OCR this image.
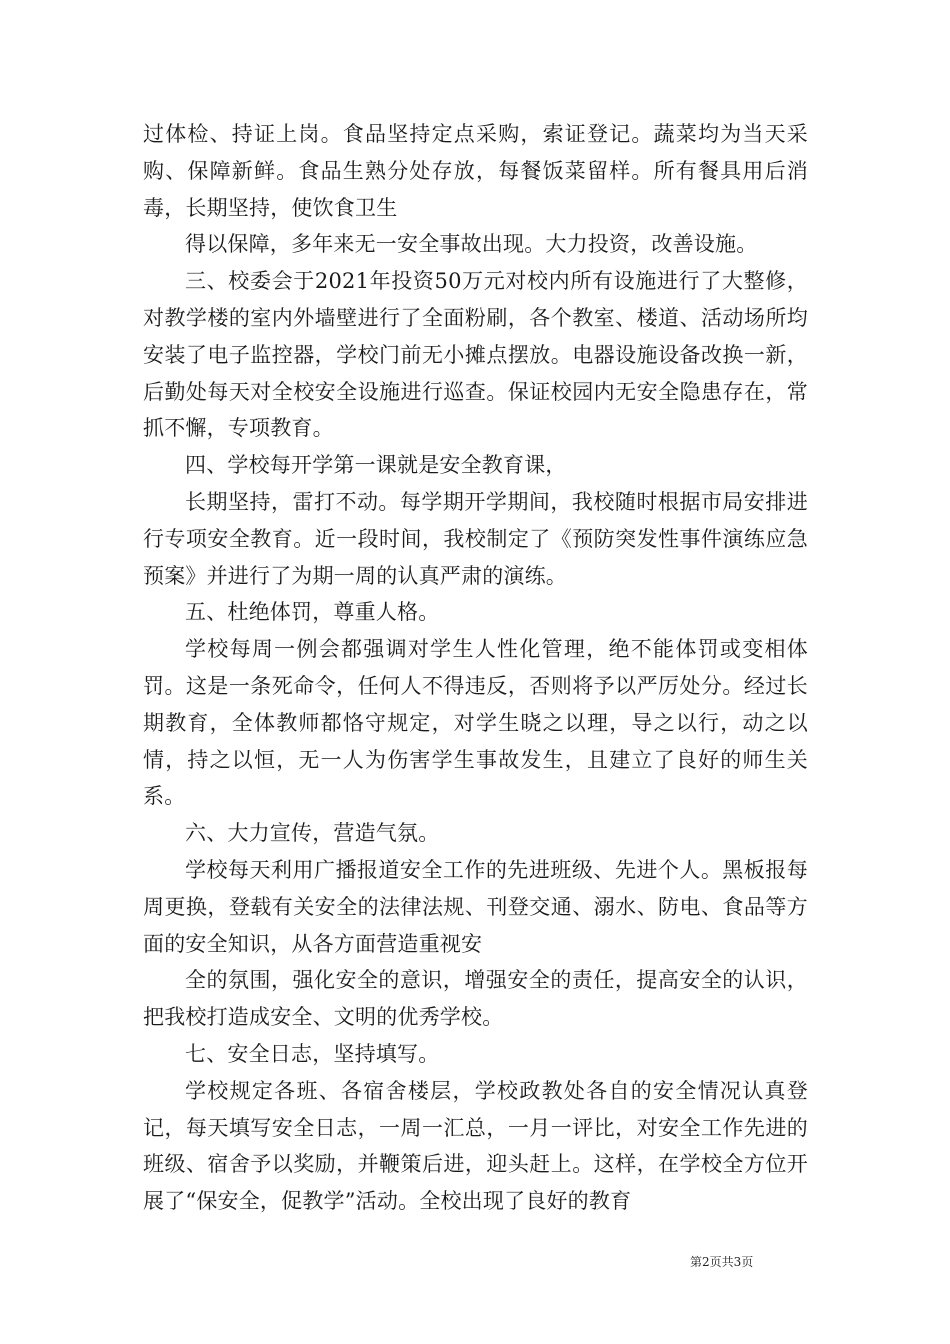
过体检、持证上岗。食品坚持定点采购，索证登记。蔬菜均为当天采购、保障新鲜。食品生熟分处存放，每餐饭菜留样。所有餐具用后消毒，长期坚持，使饮食卫生

得以保障，多年来无一安全事故出现。大力投资，改善设施。

三、校委会于2021年投资50万元对校内所有设施进行了大整修，对教学楼的室内外墙壁进行了全面粉刷，各个教室、楼道、活动场所均安装了电子监控器，学校门前无小摊点摆放。电器设施设备改换一新，后勤处每天对全校安全设施进行巡查。保证校园内无安全隐患存在，常抓不懈，专项教育。

四、学校每开学第一课就是安全教育课，

长期坚持，雷打不动。每学期开学期间，我校随时根据市局安排进行专项安全教育。近一段时间，我校制定了《预防突发性事件演练应急预案》并进行了为期一周的认真严肃的演练。

五、杜绝体罚，尊重人格。

学校每周一例会都强调对学生人性化管理，绝不能体罚或变相体罚。这是一条死命令，任何人不得违反，否则将予以严厉处分。经过长期教育，全体教师都恪守规定，对学生晓之以理，导之以行，动之以情，持之以恒，无一人为伤害学生事故发生，且建立了良好的师生关系。

六、大力宣传，营造气氛。

学校每天利用广播报道安全工作的先进班级、先进个人。黑板报每周更换，登载有关安全的法律法规、刊登交通、溺水、防电、食品等方面的安全知识，从各方面营造重视安

全的氛围，强化安全的意识，增强安全的责任，提高安全的认识，把我校打造成安全、文明的优秀学校。

七、安全日志，坚持填写。

学校规定各班、各宿舍楼层，学校政教处各自的安全情况认真登记，每天填写安全日志，一周一汇总，一月一评比，对安全工作先进的班级、宿舍予以奖励，并鞭策后进，迎头赶上。这样，在学校全方位开展了“保安全，促教学”活动。全校出现了良好的教育

第2页共3页
